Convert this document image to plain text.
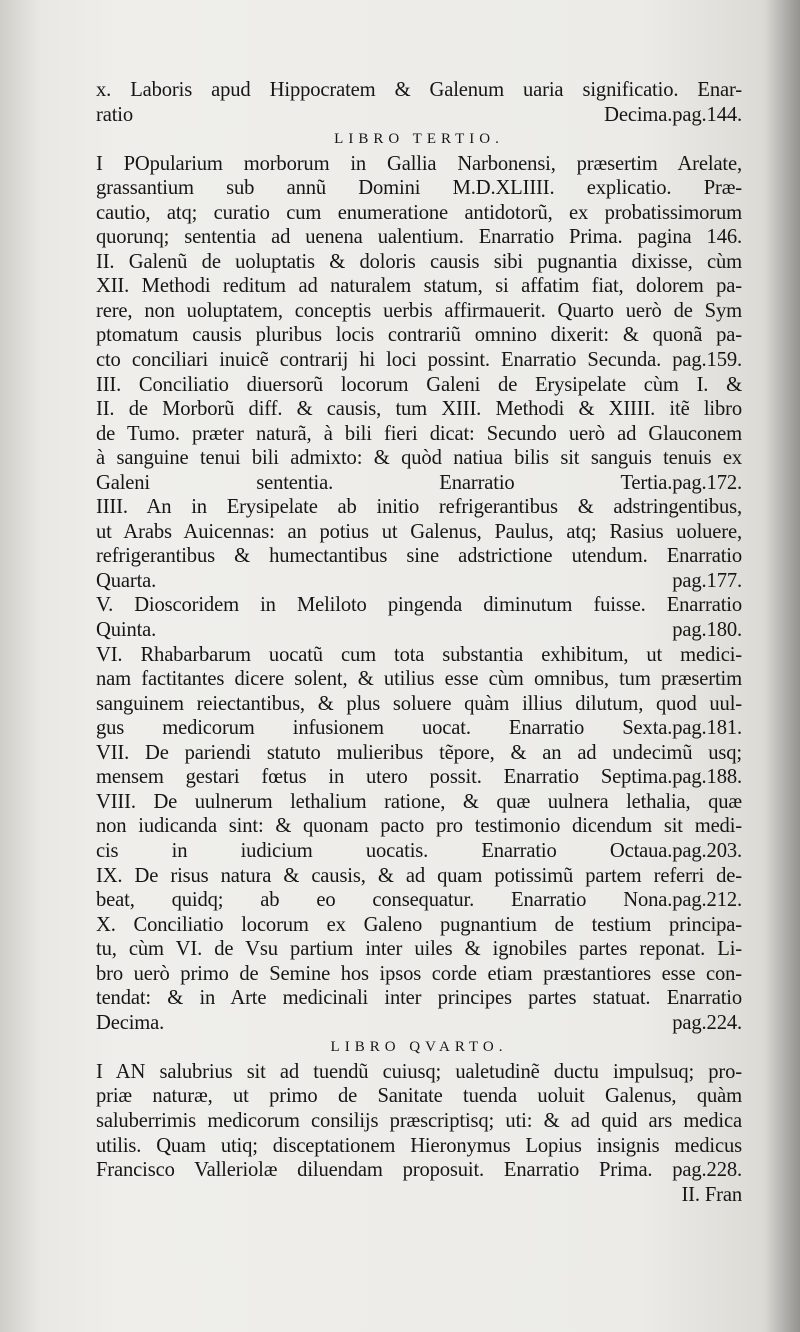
x. Laboris apud Hippocratem & Galenum uaria significatio. Enar-
ratio Decima. pag.144.
LIBRO TERTIO.
I POpularium morborum in Gallia Narbonensi, præsertim Arelate,
grassantium sub annũ Domini M.D.XLIIII. explicatio. Præ-
cautio, atq; curatio cum enumeratione antidotorũ, ex probatissimorum
quorunq; sententia ad uenena ualentium. Enarratio Prima. pagina 146.
II. Galenũ de uoluptatis & doloris causis sibi pugnantia dixisse, cùm
XII. Methodi reditum ad naturalem statum, si affatim fiat, dolorem pa-
rere, non uoluptatem, conceptis uerbis affirmauerit. Quarto uerò de Sym
ptomatum causis pluribus locis contrariũ omnino dixerit: & quonã pa-
cto conciliari inuicẽ contrarij hi loci possint. Enarratio Secunda. pag.159.
III. Conciliatio diuersorũ locorum Galeni de Erysipelate cùm I. &
II. de Morborũ diff. & causis, tum XIII. Methodi & XIIII. itẽ libro
de Tumo. præter naturã, à bili fieri dicat: Secundo uerò ad Glauconem
à sanguine tenui bili admixto: & quòd natiua bilis sit sanguis tenuis ex
Galeni sententia. Enarratio Tertia. pag.172.
IIII. An in Erysipelate ab initio refrigerantibus & adstringentibus,
ut Arabs Auicennas: an potius ut Galenus, Paulus, atq; Rasius uoluere,
refrigerantibus & humectantibus sine adstrictione utendum. Enarratio
Quarta.	pag.177.
V. Dioscoridem in Meliloto pingenda diminutum fuisse. Enarratio
Quinta.	pag.180.
VI. Rhabarbarum uocatũ cum tota substantia exhibitum, ut medici-
nam factitantes dicere solent, & utilius esse cùm omnibus, tum præsertim
sanguinem reiectantibus, & plus soluere quàm illius dilutum, quod uul-
gus medicorum infusionem uocat. Enarratio Sexta. pag.181.
VII. De pariendi statuto mulieribus tẽpore, & an ad undecimũ usq;
mensem gestari fœtus in utero possit. Enarratio Septima. pag.188.
VIII. De uulnerum lethalium ratione, & quæ uulnera lethalia, quæ
non iudicanda sint: & quonam pacto pro testimonio dicendum sit medi-
cis in iudicium uocatis. Enarratio Octaua. pag.203.
IX. De risus natura & causis, & ad quam potissimũ partem referri de-
beat, quidq; ab eo consequatur. Enarratio Nona. pag.212.
X. Conciliatio locorum ex Galeno pugnantium de testium principa-
tu, cùm VI. de Vsu partium inter uiles & ignobiles partes reponat. Li-
bro uerò primo de Semine hos ipsos corde etiam præstantiores esse con-
tendat: & in Arte medicinali inter principes partes statuat. Enarratio
Decima.	pag.224.
LIBRO QVARTO.
I AN salubrius sit ad tuendũ cuiusq; ualetudinẽ ductu impulsuq; pro-
priæ naturæ, ut primo de Sanitate tuenda uoluit Galenus, quàm
saluberrimis medicorum consilijs præscriptisq; uti: & ad quid ars medica
utilis. Quam utiq; disceptationem Hieronymus Lopius insignis medicus
Francisco Valleriolæ diluendam proposuit. Enarratio Prima. pag.228.
II. Fran
